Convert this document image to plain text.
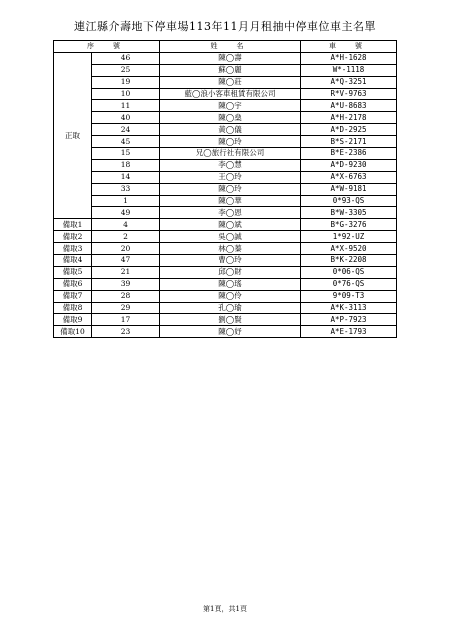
連江縣介壽地下停車場113年11月月租抽中停車位車主名單
序　號		姓　名	車　號
正取	46	陳◯壽	A*H-1628
	25	蘇◯麗	W*-1118
	19	陳◯莊	A*Q-3251
	10	藍◯浪小客車租賃有限公司	R*V-9763
	11	陳◯宇	A*U-8683
	40	陳◯燊	A*H-2178
	24	黃◯儀	A*D-2925
	45	陳◯玲	B*S-2171
	15	兄◯旅行社有限公司	B*E-2386
	18	李◯慧	A*D-9230
	14	王◯玲	A*X-6763
	33	陳◯玲	A*W-9181
	1	陳◯華	0*93-QS
	49	李◯恩	B*W-3305
備取1	4	陳◯斌	B*G-3276
備取2	2	吳◯誠	1*92-UZ
備取3	20	林◯蓁	A*X-9520
備取4	47	曹◯玲	B*K-2208
備取5	21	邱◯財	0*06-QS
備取6	39	陳◯瑤	0*76-QS
備取7	28	陳◯伶	9*09-T3
備取8	29	孔◯瑜	A*K-3113
備取9	17	劉◯賢	A*P-7923
備取10	23	陳◯妤	A*E-1793
第1頁，共1頁
